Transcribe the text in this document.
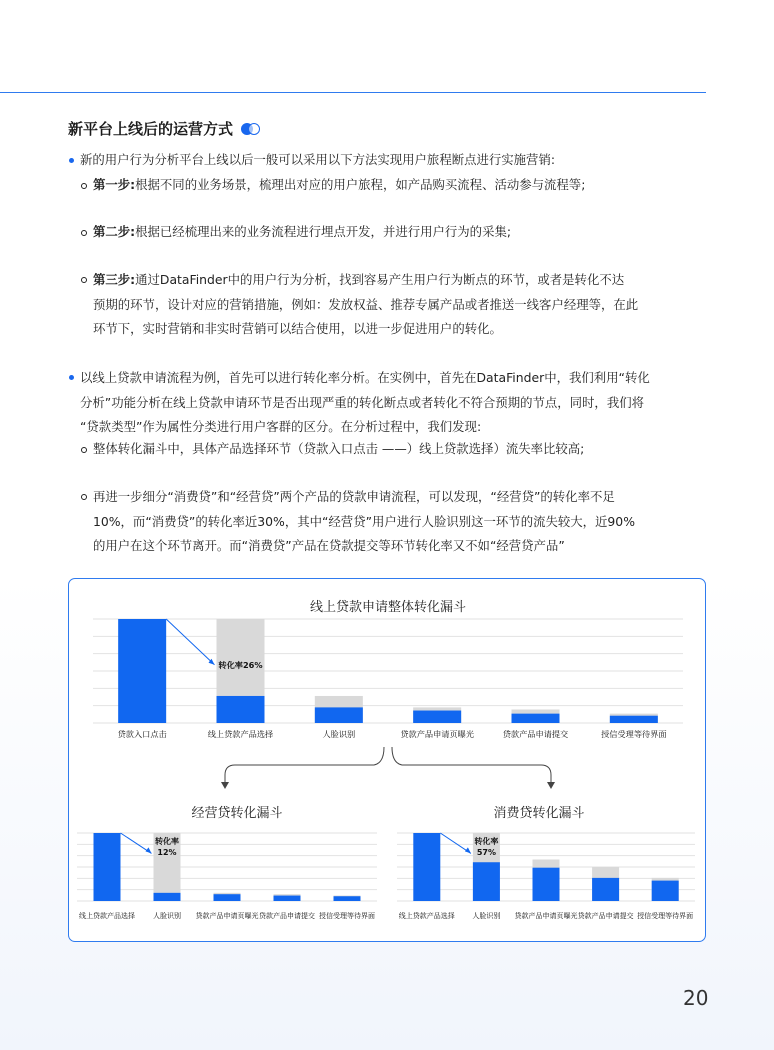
新平台上线后的运营方式
新的用户行为分析平台上线以后一般可以采用以下方法实现用户旅程断点进行实施营销:
第一步:根据不同的业务场景，梳理出对应的用户旅程，如产品购买流程、活动参与流程等;
第二步:根据已经梳理出来的业务流程进行埋点开发，并进行用户行为的采集;
第三步:通过DataFinder中的用户行为分析，找到容易产生用户行为断点的环节，或者是转化不达
预期的环节，设计对应的营销措施，例如：发放权益、推荐专属产品或者推送一线客户经理等，在此
环节下，实时营销和非实时营销可以结合使用，以进一步促进用户的转化。
以线上贷款申请流程为例，首先可以进行转化率分析。在实例中，首先在DataFinder中，我们利用“转化
分析”功能分析在线上贷款申请环节是否出现严重的转化断点或者转化不符合预期的节点，同时，我们将
“贷款类型”作为属性分类进行用户客群的区分。在分析过程中，我们发现:
整体转化漏斗中，具体产品选择环节（贷款入口点击 ——）线上贷款选择）流失率比较高;
再进一步细分“消费贷”和“经营贷”两个产品的贷款申请流程，可以发现，“经营贷”的转化率不足
10%，而“消费贷”的转化率近30%，其中“经营贷”用户进行人脸识别这一环节的流失较大，近90%
的用户在这个环节离开。而“消费贷”产品在贷款提交等环节转化率又不如“经营贷产品”
线上贷款申请整体转化漏斗
贷款入口点击	线上贷款产品选择	人脸识别	贷款产品申请页曝光	贷款产品申请提交	授信受理等待界面
转化率26%
经营贷转化漏斗
线上贷款产品选择	人脸识别 贷款产品申请页曝光 贷款产品申请提交 授信受理等待界面
转化率
12%
消费贷转化漏斗
线上贷款产品选择	人脸识别 贷款产品申请页曝光 贷款产品申请提交 授信受理等待界面
转化率
57%
20
